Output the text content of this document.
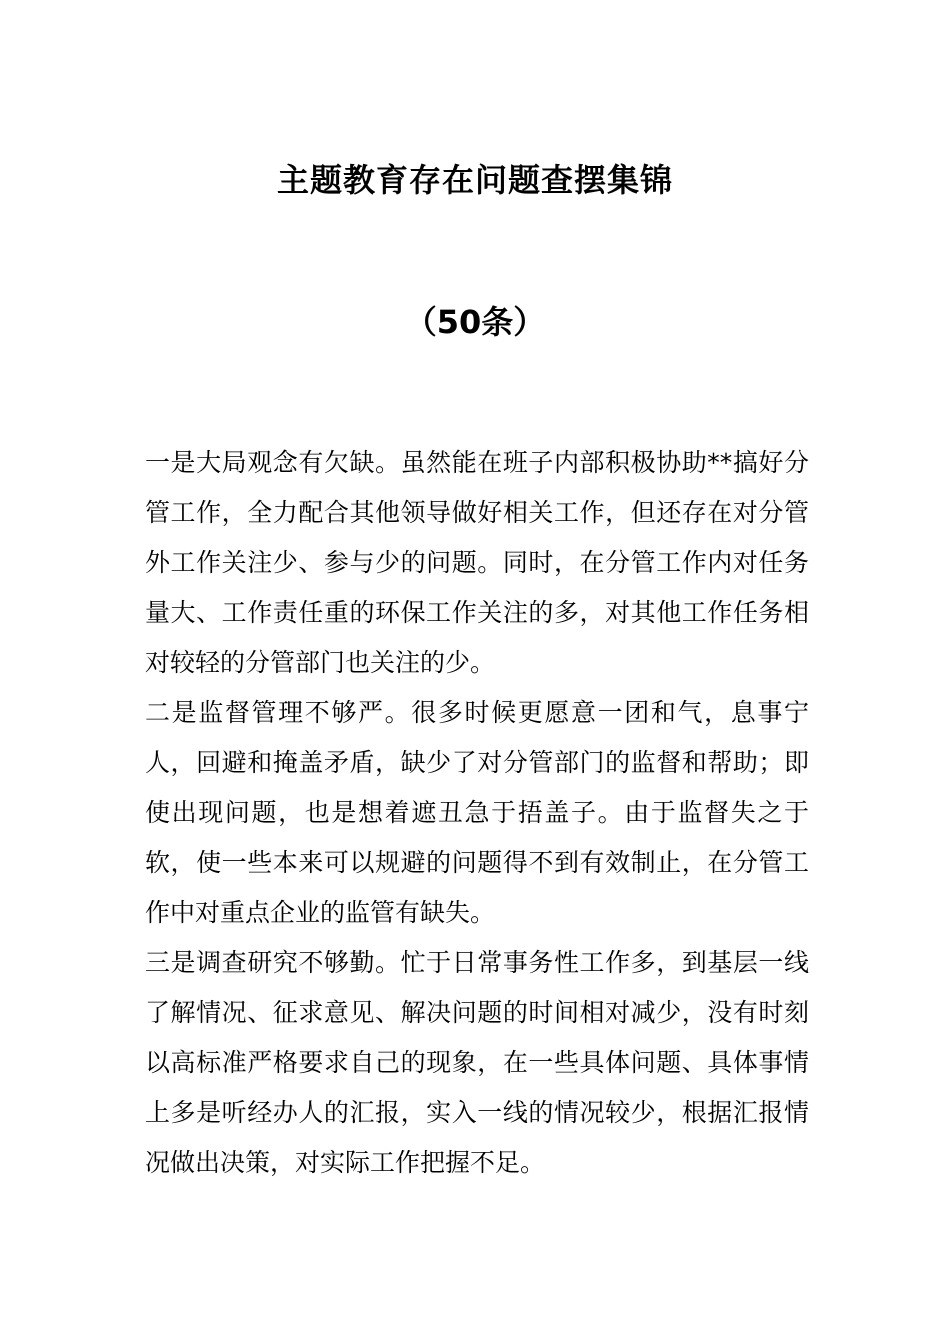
主题教育存在问题查摆集锦
（50条）

一是大局观念有欠缺。虽然能在班子内部积极协助**搞好分管工作，全力配合其他领导做好相关工作，但还存在对分管外工作关注少、参与少的问题。同时，在分管工作内对任务量大、工作责任重的环保工作关注的多，对其他工作任务相对较轻的分管部门也关注的少。

二是监督管理不够严。很多时候更愿意一团和气，息事宁人，回避和掩盖矛盾，缺少了对分管部门的监督和帮助；即使出现问题，也是想着遮丑急于捂盖子。由于监督失之于软，使一些本来可以规避的问题得不到有效制止，在分管工作中对重点企业的监管有缺失。

三是调查研究不够勤。忙于日常事务性工作多，到基层一线了解情况、征求意见、解决问题的时间相对减少，没有时刻以高标准严格要求自己的现象，在一些具体问题、具体事情上多是听经办人的汇报，实入一线的情况较少，根据汇报情况做出决策，对实际工作把握不足。
